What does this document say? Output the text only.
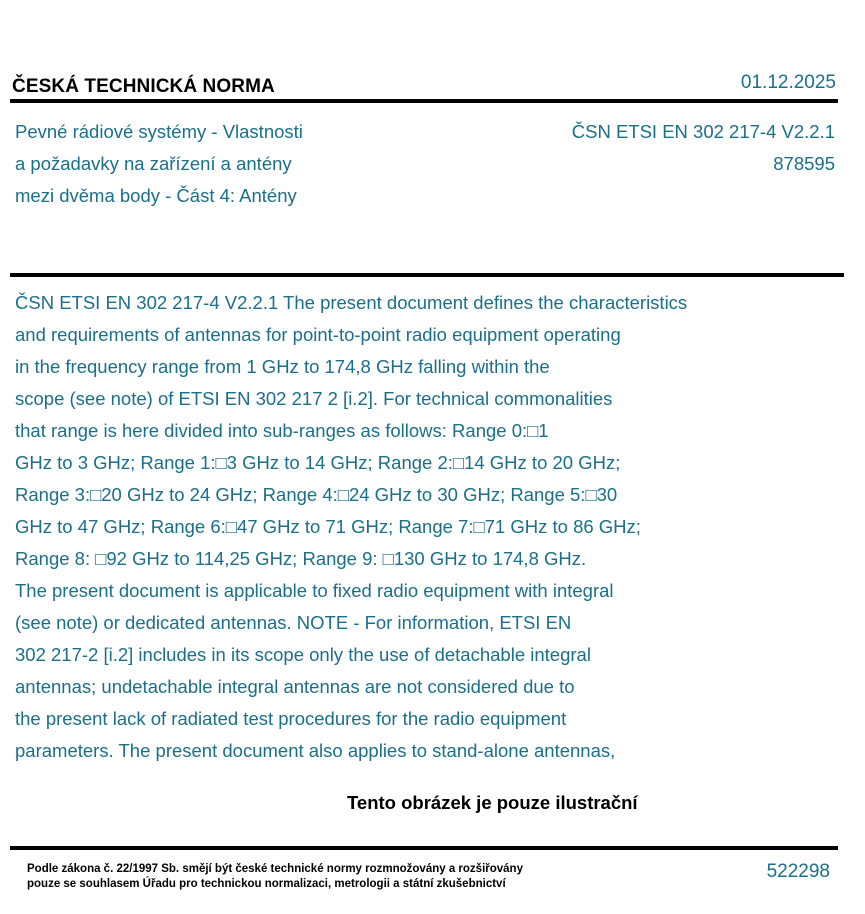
ČESKÁ TECHNICKÁ NORMA	01.12.2025
Pevné rádiové systémy - Vlastnosti
a požadavky na zařízení a antény
mezi dvěma body - Část 4: Antény
ČSN ETSI EN 302 217-4 V2.2.1
878595
ČSN ETSI EN 302 217-4 V2.2.1 The present document defines the characteristics
and requirements of antennas for point-to-point radio equipment operating
in the frequency range from 1 GHz to 174,8 GHz falling within the
scope (see note) of ETSI EN 302 217 2 [i.2]. For technical commonalities
that range is here divided into sub-ranges as follows: Range 0:□1
GHz to 3 GHz; Range 1:□3 GHz to 14 GHz; Range 2:□14 GHz to 20 GHz;
Range 3:□20 GHz to 24 GHz; Range 4:□24 GHz to 30 GHz; Range 5:□30
GHz to 47 GHz; Range 6:□47 GHz to 71 GHz; Range 7:□71 GHz to 86 GHz;
Range 8: □92 GHz to 114,25 GHz; Range 9: □130 GHz to 174,8 GHz.
The present document is applicable to fixed radio equipment with integral
(see note) or dedicated antennas. NOTE - For information, ETSI EN
302 217-2 [i.2] includes in its scope only the use of detachable integral
antennas; undetachable integral antennas are not considered due to
the present lack of radiated test procedures for the radio equipment
parameters. The present document also applies to stand-alone antennas,
Tento obrázek je pouze ilustrační
Podle zákona č. 22/1997 Sb. smějí být české technické normy rozmnožovány a rozšiřovány
pouze se souhlasem Úřadu pro technickou normalizaci, metrologii a státní zkušebnictví
522298
